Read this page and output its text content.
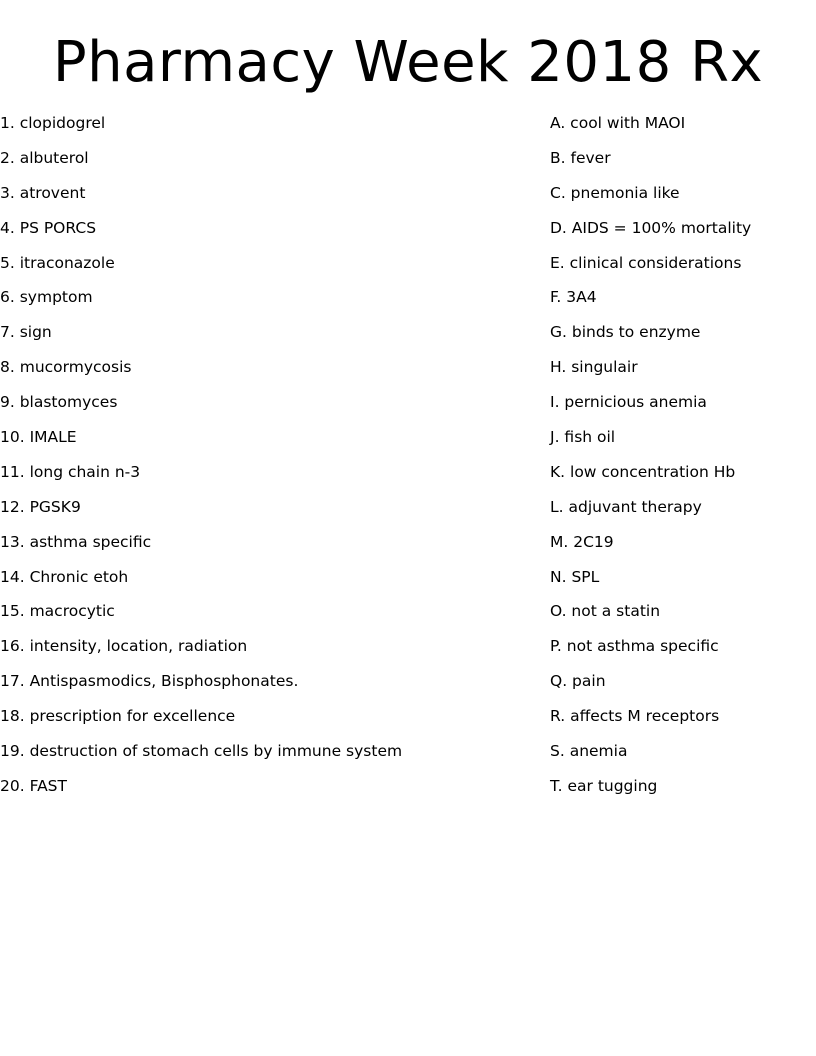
Pharmacy Week 2018 Rx
1. clopidogrel
2. albuterol
3. atrovent
4. PS PORCS
5. itraconazole
6. symptom
7. sign
8. mucormycosis
9. blastomyces
10. IMALE
11. long chain n-3
12. PGSK9
13. asthma specific
14. Chronic etoh
15. macrocytic
16. intensity, location, radiation
17. Antispasmodics, Bisphosphonates.
18. prescription for excellence
19. destruction of stomach cells by immune system
20. FAST
A. cool with MAOI
B. fever
C. pnemonia like
D. AIDS = 100% mortality
E. clinical considerations
F. 3A4
G. binds to enzyme
H. singulair
I. pernicious anemia
J. fish oil
K. low concentration Hb
L. adjuvant therapy
M. 2C19
N. SPL
O. not a statin
P. not asthma specific
Q. pain
R. affects M receptors
S. anemia
T. ear tugging
